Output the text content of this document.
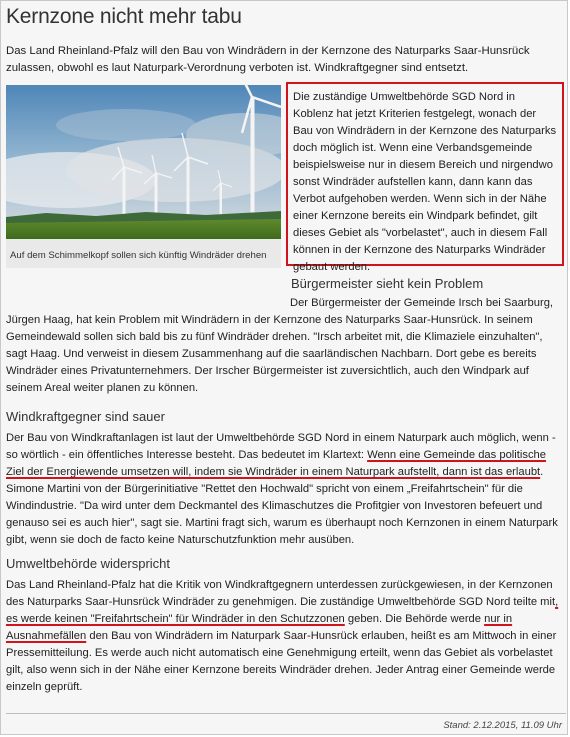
Kernzone nicht mehr tabu

Das Land Rheinland-Pfalz will den Bau von Windrädern in der Kernzone des Naturparks Saar-Hunsrück zulassen, obwohl es laut Naturpark-Verordnung verboten ist. Windkraftgegner sind entsetzt.

Auf dem Schimmelkopf sollen sich künftig Windräder drehen
Die zuständige Umweltbehörde SGD Nord in Koblenz hat jetzt Kriterien festgelegt, wonach der Bau von Windrädern in der Kernzone des Naturparks doch möglich ist. Wenn eine Verbandsgemeinde beispielsweise nur in diesem Bereich und nirgendwo sonst Windräder aufstellen kann, dann kann das Verbot aufgehoben werden. Wenn sich in der Nähe einer Kernzone bereits ein Windpark befindet, gilt dieses Gebiet als "vorbelastet", auch in diesem Fall können in der Kernzone des Naturparks Windräder gebaut werden.
Bürgermeister sieht kein Problem
Der Bürgermeister der Gemeinde Irsch bei Saarburg, Jürgen Haag, hat kein Problem mit Windrädern in der Kernzone des Naturparks Saar-Hunsrück. In seinem Gemeindewald sollen sich bald bis zu fünf Windräder drehen. "Irsch arbeitet mit, die Klimaziele einzuhalten", sagt Haag. Und verweist in diesem Zusammenhang auf die saarländischen Nachbarn. Dort gebe es bereits Windräder eines Privatunternehmers. Der Irscher Bürgermeister ist zuversichtlich, auch den Windpark auf seinem Areal weiter planen zu können.
Windkraftgegner sind sauer
Der Bau von Windkraftanlagen ist laut der Umweltbehörde SGD Nord in einem Naturpark auch möglich, wenn - so wörtlich - ein öffentliches Interesse besteht. Das bedeutet im Klartext: Wenn eine Gemeinde das politische Ziel der Energiewende umsetzen will, indem sie Windräder in einem Naturpark aufstellt, dann ist das erlaubt. Simone Martini von der Bürgerinitiative "Rettet den Hochwald" spricht von einem „Freifahrtschein" für die Windindustrie. "Da wird unter dem Deckmantel des Klimaschutzes die Profitgier von Investoren befeuert und genauso sei es auch hier", sagt sie. Martini fragt sich, warum es überhaupt noch Kernzonen in einem Naturpark gibt, wenn sie doch de facto keine Naturschutzfunktion mehr ausüben.
Umweltbehörde widerspricht
Das Land Rheinland-Pfalz hat die Kritik von Windkraftgegnern unterdessen zurückgewiesen, in der Kernzonen des Naturparks Saar-Hunsrück Windräder zu genehmigen. Die zuständige Umweltbehörde SGD Nord teilte mit, es werde keinen "Freifahrtschein" für Windräder in den Schutzzonen geben. Die Behörde werde nur in Ausnahmefällen den Bau von Windrädern im Naturpark Saar-Hunsrück erlauben, heißt es am Mittwoch in einer Pressemitteilung. Es werde auch nicht automatisch eine Genehmigung erteilt, wenn das Gebiet als vorbelastet gilt, also wenn sich in der Nähe einer Kernzone bereits Windräder drehen. Jeder Antrag einer Gemeinde werde einzeln geprüft.
Stand: 2.12.2015, 11.09 Uhr
